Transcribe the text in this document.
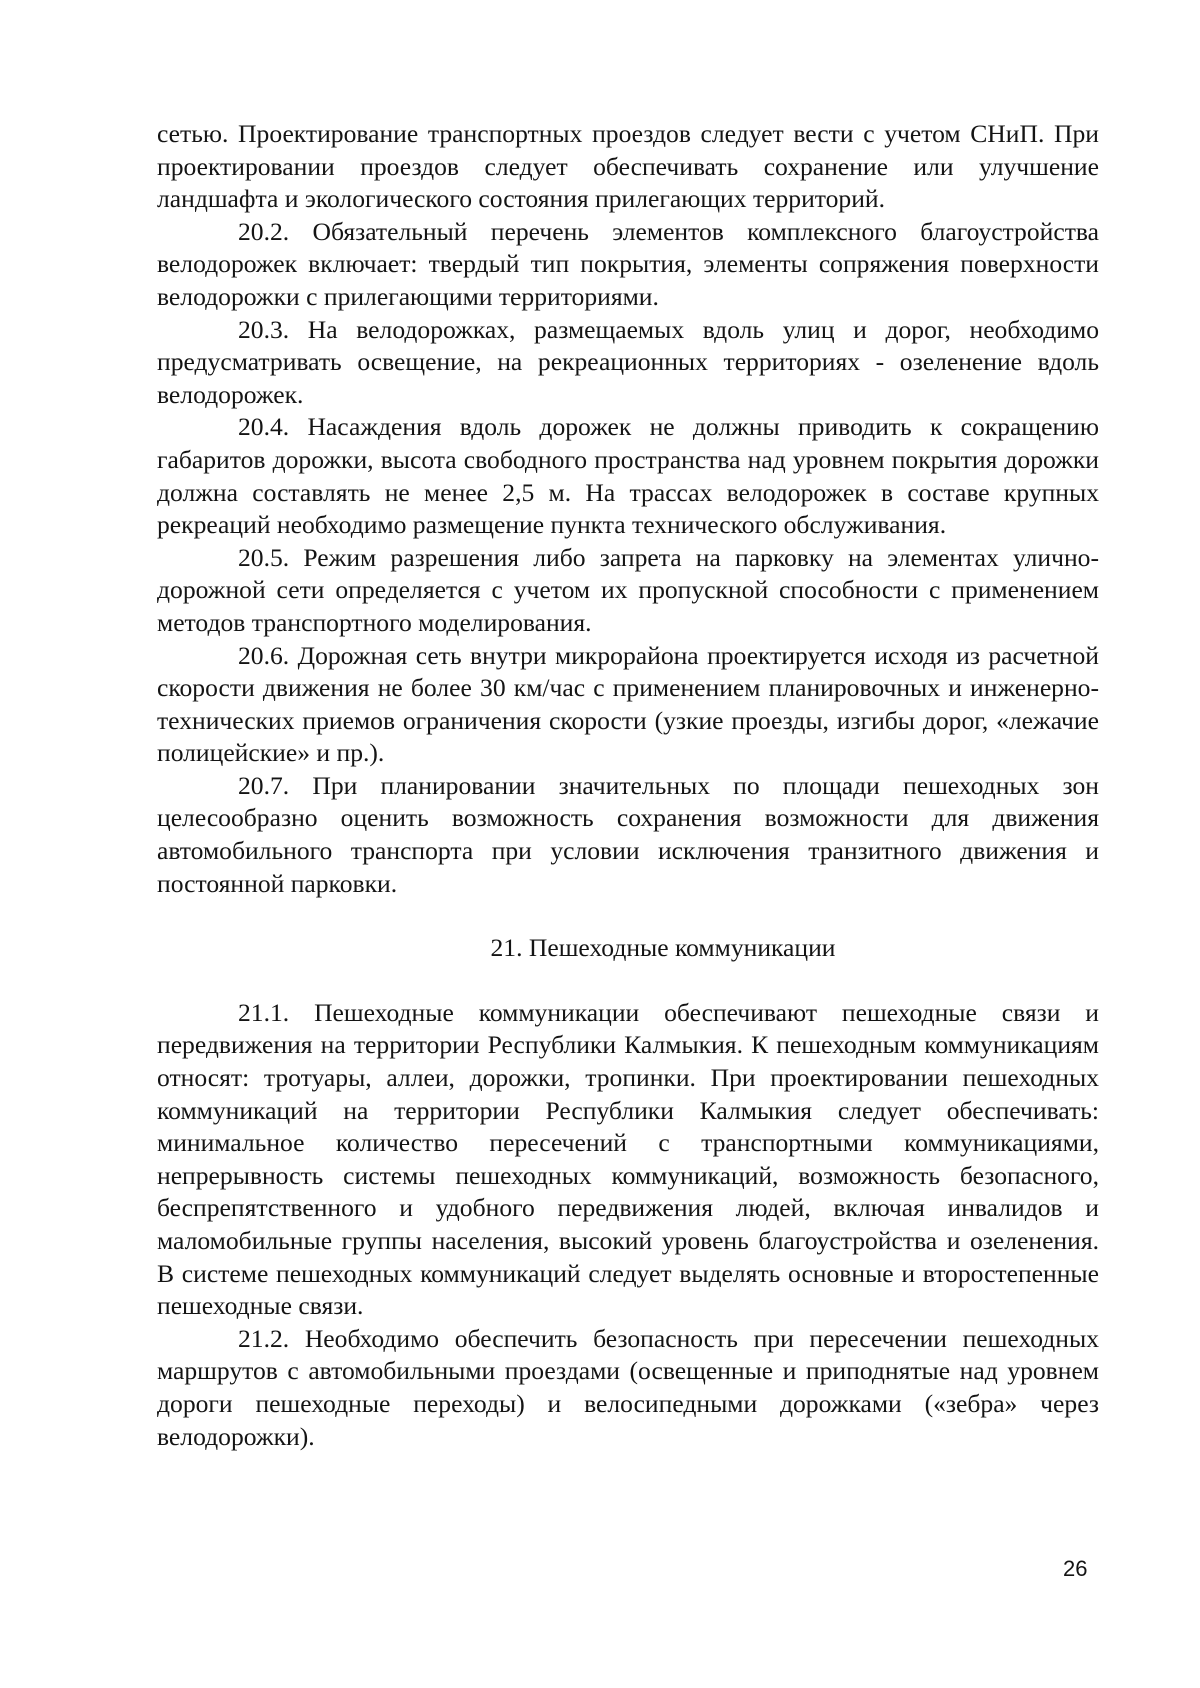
сетью. Проектирование транспортных проездов следует вести с учетом СНиП. При проектировании проездов следует обеспечивать сохранение или улучшение ландшафта и экологического состояния прилегающих территорий.

20.2. Обязательный перечень элементов комплексного благоустройства велодорожек включает: твердый тип покрытия, элементы сопряжения поверхности велодорожки с прилегающими территориями.

20.3. На велодорожках, размещаемых вдоль улиц и дорог, необходимо предусматривать освещение, на рекреационных территориях - озеленение вдоль велодорожек.

20.4. Насаждения вдоль дорожек не должны приводить к сокращению габаритов дорожки, высота свободного пространства над уровнем покрытия дорожки должна составлять не менее 2,5 м. На трассах велодорожек в составе крупных рекреаций необходимо размещение пункта технического обслуживания.

20.5. Режим разрешения либо запрета на парковку на элементах улично-дорожной сети определяется с учетом их пропускной способности с применением методов транспортного моделирования.

20.6. Дорожная сеть внутри микрорайона проектируется исходя из расчетной скорости движения не более 30 км/час с применением планировочных и инженерно-технических приемов ограничения скорости (узкие проезды, изгибы дорог, «лежачие полицейские» и пр.).

20.7. При планировании значительных по площади пешеходных зон целесообразно оценить возможность сохранения возможности для движения автомобильного транспорта при условии исключения транзитного движения и постоянной парковки.

21. Пешеходные коммуникации

21.1. Пешеходные коммуникации обеспечивают пешеходные связи и передвижения на территории Республики Калмыкия. К пешеходным коммуникациям относят: тротуары, аллеи, дорожки, тропинки. При проектировании пешеходных коммуникаций на территории Республики Калмыкия следует обеспечивать: минимальное количество пересечений с транспортными коммуникациями, непрерывность системы пешеходных коммуникаций, возможность безопасного, беспрепятственного и удобного передвижения людей, включая инвалидов и маломобильные группы населения, высокий уровень благоустройства и озеленения. В системе пешеходных коммуникаций следует выделять основные и второстепенные пешеходные связи.

21.2. Необходимо обеспечить безопасность при пересечении пешеходных маршрутов с автомобильными проездами (освещенные и приподнятые над уровнем дороги пешеходные переходы) и велосипедными дорожками («зебра» через велодорожки).

26
